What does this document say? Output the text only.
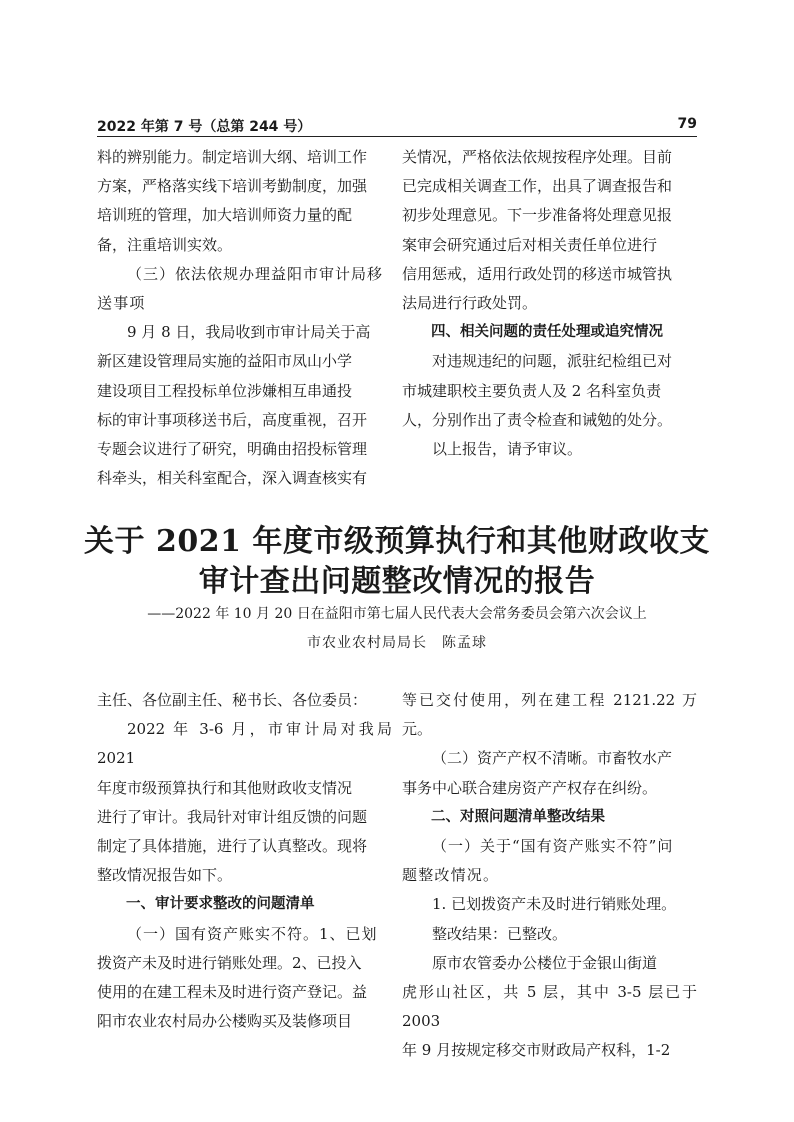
2022 年第 7 号（总第 244 号）	79

料的辨别能力。制定培训大纲、培训工作

方案，严格落实线下培训考勤制度，加强

培训班的管理，加大培训师资力量的配

备，注重培训实效。

（三）依法依规办理益阳市审计局移

送事项

9 月 8 日，我局收到市审计局关于高

新区建设管理局实施的益阳市凤山小学

建设项目工程投标单位涉嫌相互串通投

标的审计事项移送书后，高度重视，召开

专题会议进行了研究，明确由招投标管理

科牵头，相关科室配合，深入调查核实有

关情况，严格依法依规按程序处理。目前

已完成相关调查工作，出具了调查报告和

初步处理意见。下一步准备将处理意见报

案审会研究通过后对相关责任单位进行

信用惩戒，适用行政处罚的移送市城管执

法局进行行政处罚。

四、相关问题的责任处理或追究情况

对违规违纪的问题，派驻纪检组已对

市城建职校主要负责人及 2 名科室负责

人，分别作出了责令检查和诫勉的处分。

以上报告，请予审议。

关于 2021 年度市级预算执行和其他财政收支
审计查出问题整改情况的报告
——2022 年 10 月 20 日在益阳市第七届人民代表大会常务委员会第六次会议上
市农业农村局局长　陈孟球

主任、各位副主任、秘书长、各位委员：

2022 年 3-6 月，市审计局对我局 2021

年度市级预算执行和其他财政收支情况

进行了审计。我局针对审计组反馈的问题

制定了具体措施，进行了认真整改。现将

整改情况报告如下。

一、审计要求整改的问题清单

（一）国有资产账实不符。1、已划

拨资产未及时进行销账处理。2、已投入

使用的在建工程未及时进行资产登记。益

阳市农业农村局办公楼购买及装修项目

等已交付使用，列在建工程 2121.22 万元。

（二）资产产权不清晰。市畜牧水产

事务中心联合建房资产产权存在纠纷。

二、对照问题清单整改结果

（一）关于“国有资产账实不符”问

题整改情况。

1. 已划拨资产未及时进行销账处理。

整改结果：已整改。

原市农管委办公楼位于金银山街道

虎形山社区，共 5 层，其中 3-5 层已于 2003

年 9 月按规定移交市财政局产权科，1-2
